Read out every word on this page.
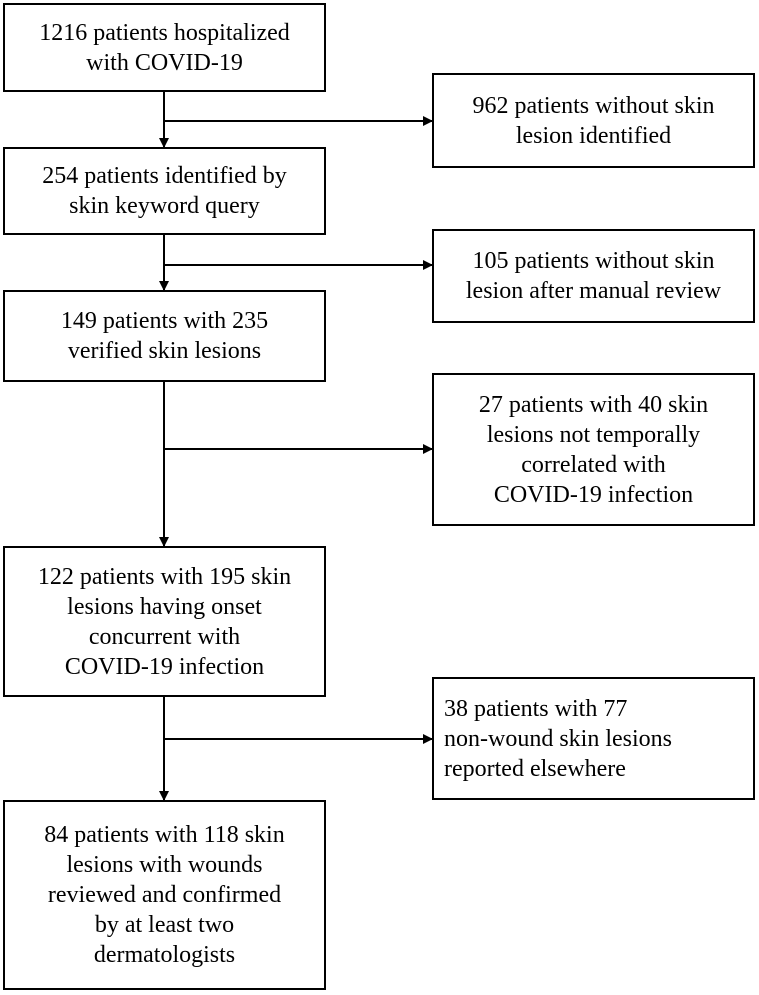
1216 patients hospitalized
with COVID-19
254 patients identified by
skin keyword query
149 patients with 235
verified skin lesions
122 patients with 195 skin
lesions having onset
concurrent with
COVID-19 infection
84 patients with 118 skin
lesions with wounds
reviewed and confirmed
by at least two
dermatologists
962 patients without skin
lesion identified
105 patients without skin
lesion after manual review
27 patients with 40 skin
lesions not temporally
correlated with
COVID-19 infection
38 patients with 77
non-wound skin lesions
reported elsewhere
